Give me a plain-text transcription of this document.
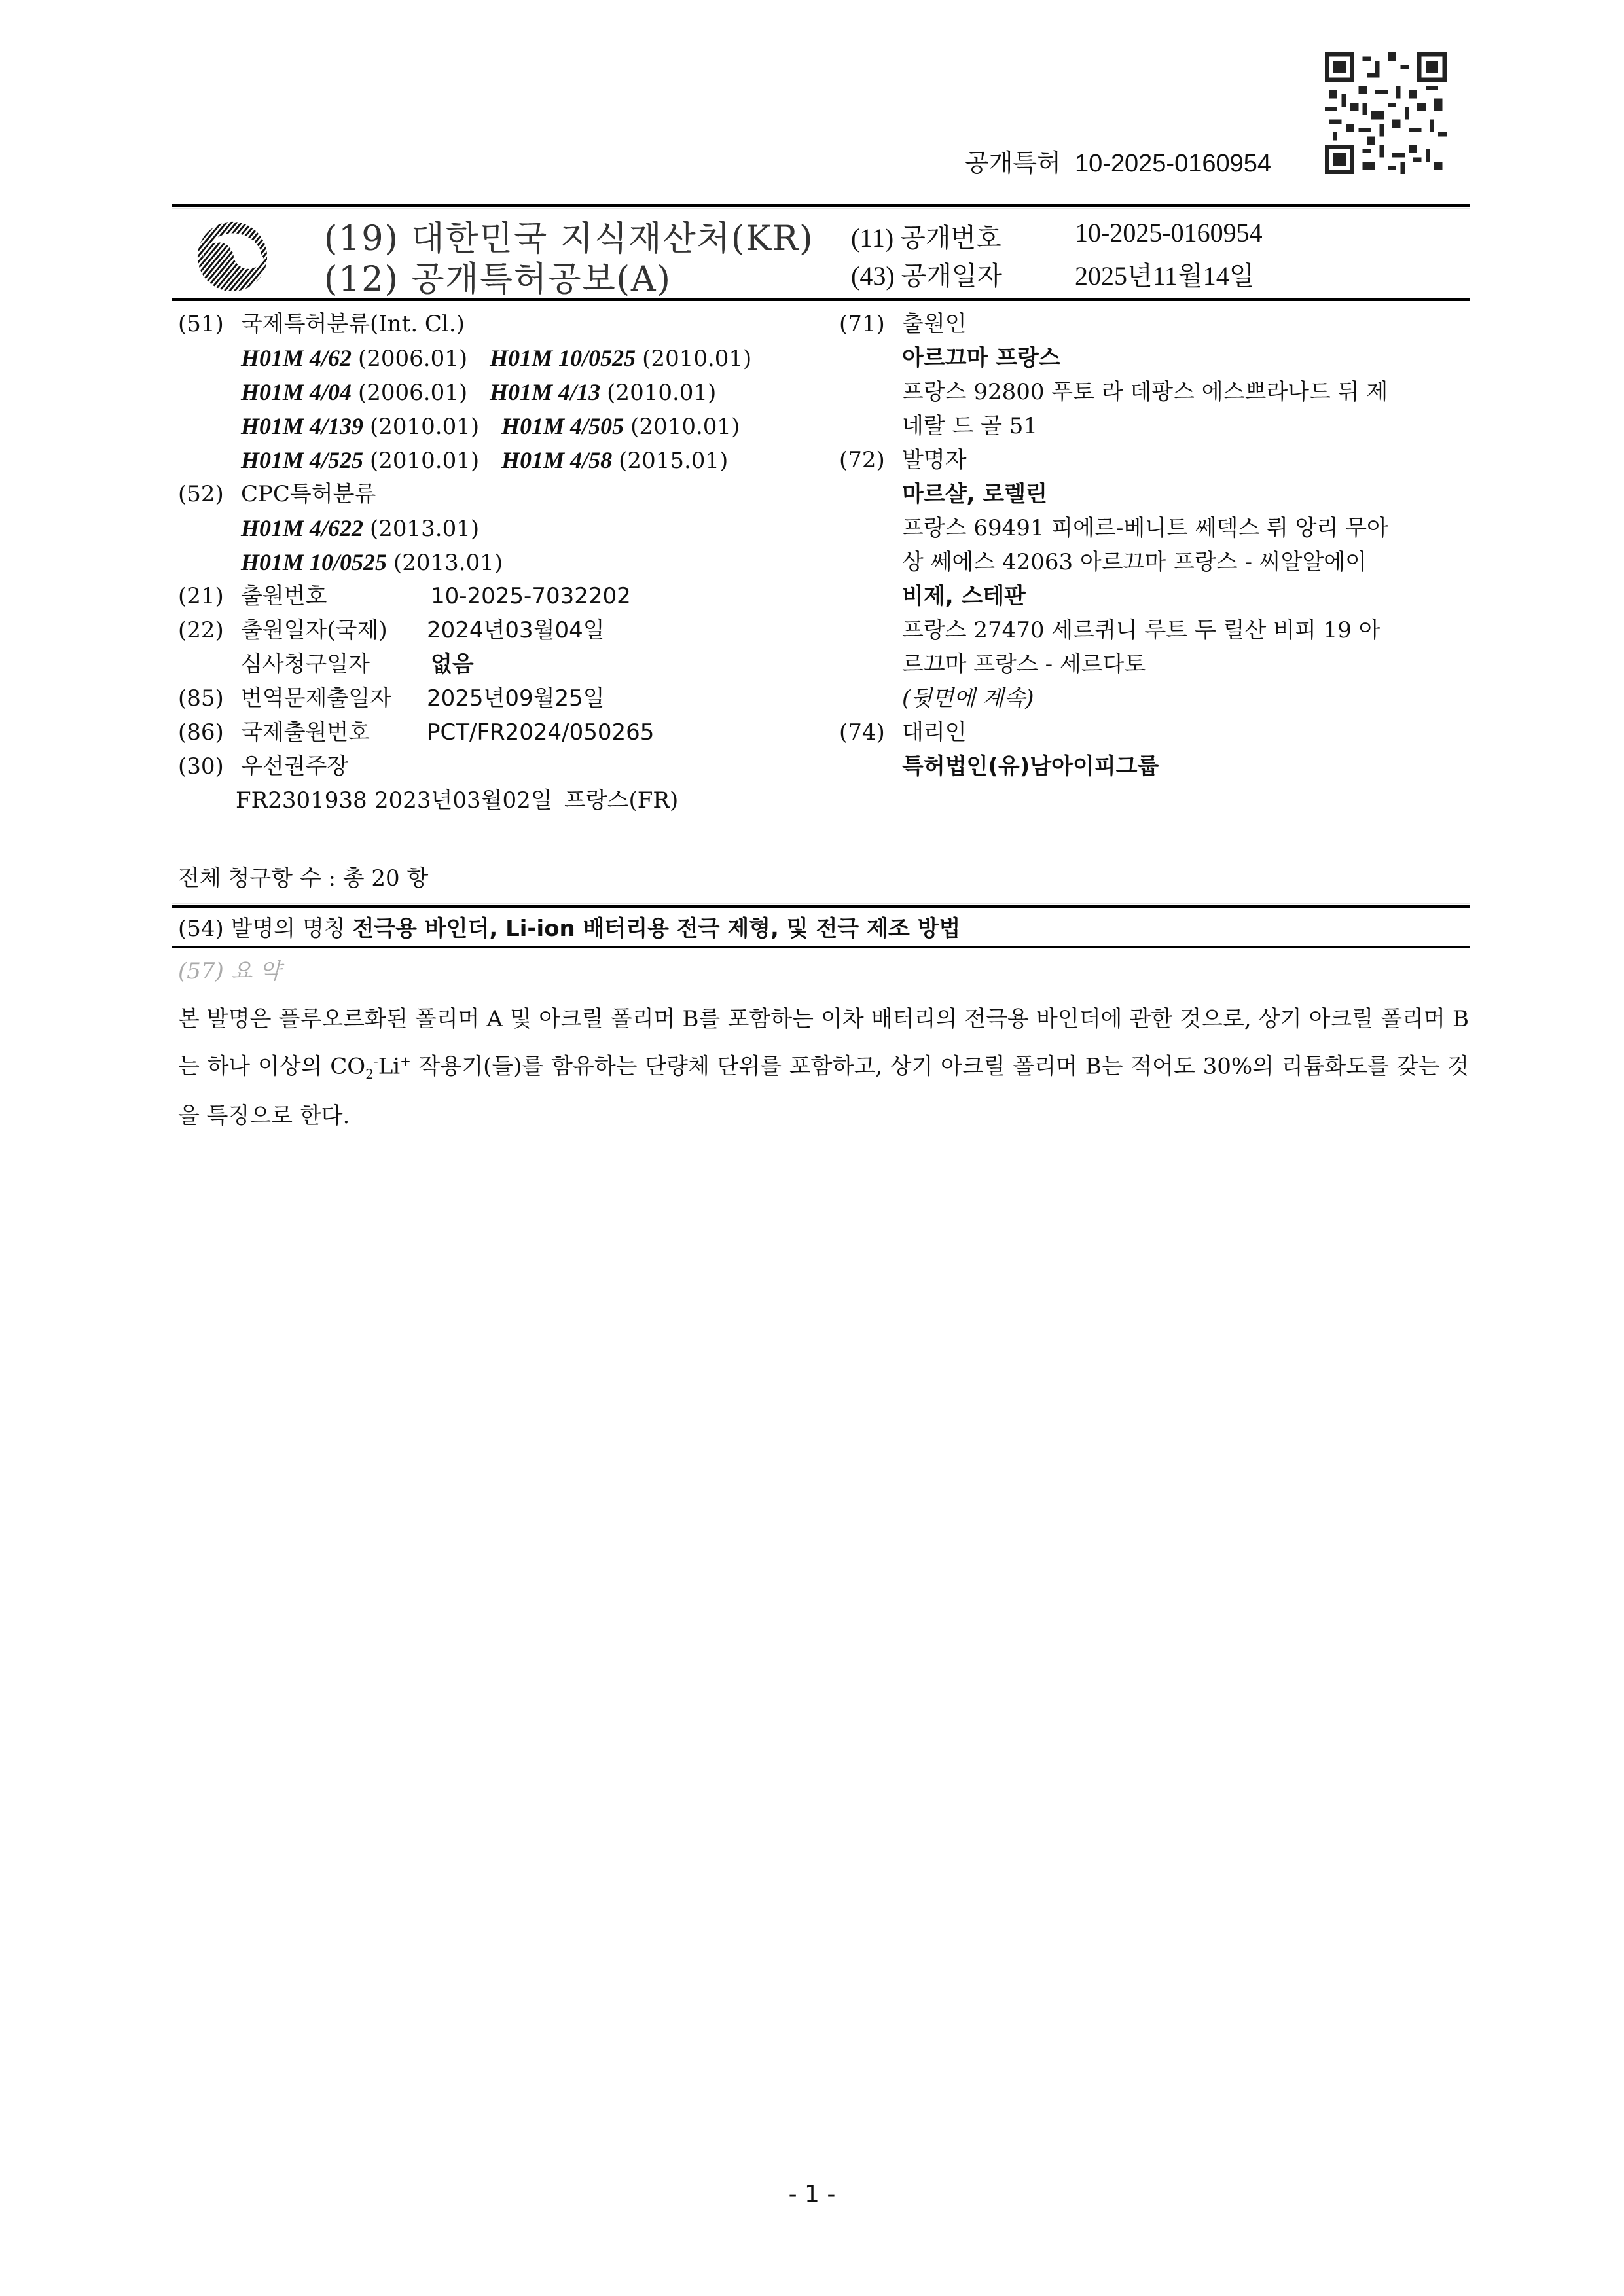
공개특허 10-2025-0160954
(19) 대한민국 지식재산처(KR)
(12) 공개특허공보(A)
(11) 공개번호	10-2025-0160954
(43) 공개일자	2025년11월14일
(51) 국제특허분류(Int. Cl.)
H01M 4/62 (2006.01) H01M 10/0525 (2010.01)
H01M 4/04 (2006.01) H01M 4/13 (2010.01)
H01M 4/139 (2010.01) H01M 4/505 (2010.01)
H01M 4/525 (2010.01) H01M 4/58 (2015.01)
(52) CPC특허분류
H01M 4/622 (2013.01)
H01M 10/0525 (2013.01)
(21) 출원번호	10-2025-7032202
(22) 출원일자(국제) 2024년03월04일
심사청구일자	없음
(85) 번역문제출일자 2025년09월25일
(86) 국제출원번호	PCT/FR2024/050265
(30) 우선권주장
FR2301938 2023년03월02일 프랑스(FR)
(71) 출원인
아르끄마 프랑스
프랑스 92800 푸토 라 데팡스 에스쁘라나드 뒤 제
네랄 드 골 51
(72) 발명자
마르샬, 로렐린
프랑스 69491 피에르-베니트 쎄덱스 뤼 앙리 무아
상 쎄에스 42063 아르끄마 프랑스 - 씨알알에이
비제, 스테판
프랑스 27470 세르퀴니 루트 두 릴산 비피 19 아
르끄마 프랑스 - 세르다토
(뒷면에 계속)
(74) 대리인
특허법인(유)남아이피그룹
전체 청구항 수 : 총 20 항
(54) 발명의 명칭 전극용 바인더, Li-ion 배터리용 전극 제형, 및 전극 제조 방법
(57) 요 약
본 발명은 플루오르화된 폴리머 A 및 아크릴 폴리머 B를 포함하는 이차 배터리의 전극용 바인더에 관한 것으로, 상기 아크릴 폴리머 B는 하나 이상의 $CO_2^-Li^+$ 작용기(들)를 함유하는 단량체 단위를 포함하고, 상기 아크릴 폴리머 B는 적어도 30%의 리튬화도를 갖는 것을 특징으로 한다.
- 1 -
